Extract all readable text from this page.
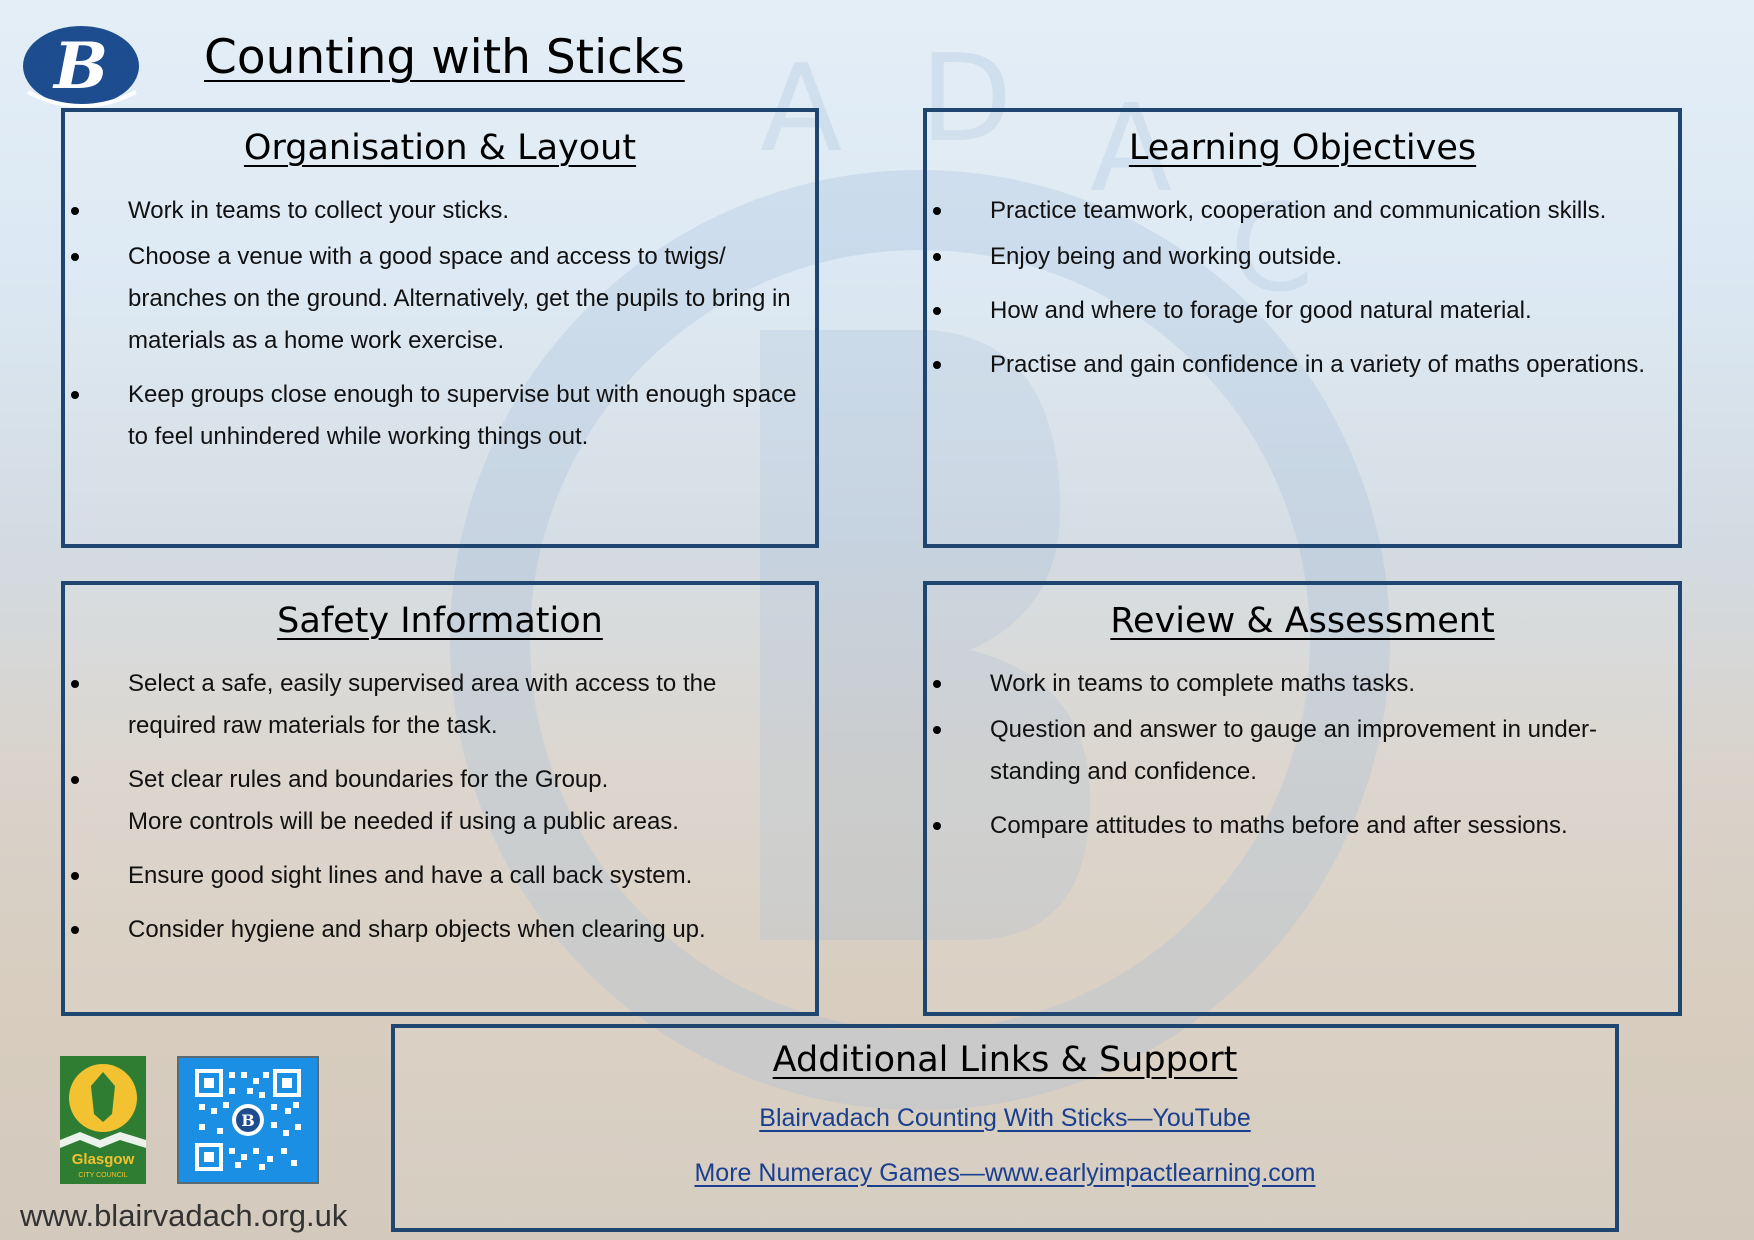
A D A
C
B Counting with Sticks
Organisation & Layout
Work in teams to collect your sticks.
Choose a venue with a good space and access to twigs/ branches on the ground. Alternatively, get the pupils to bring in materials as a home work exercise.
Keep groups close enough to supervise but with enough space to feel unhindered while working things out.
Learning Objectives
Practice teamwork, cooperation and communication skills.
Enjoy being and working outside.
How and where to forage for good natural material.
Practise and gain confidence in a variety of maths operations.
Safety Information
Select a safe, easily supervised area with access to the required raw materials for the task.
Set clear rules and boundaries for the Group.
More controls will be needed if using a public areas.
Ensure good sight lines and have a call back system.
Consider hygiene and sharp objects when clearing up.
Review & Assessment
Work in teams to complete maths tasks.
Question and answer to gauge an improvement in under-standing and confidence.
Compare attitudes to maths before and after sessions.
Additional Links & Support
Blairvadach Counting With Sticks—YouTube
More Numeracy Games—www.earlyimpactlearning.com
Glasgow
CITY COUNCIL
B

www.blairvadach.org.uk
